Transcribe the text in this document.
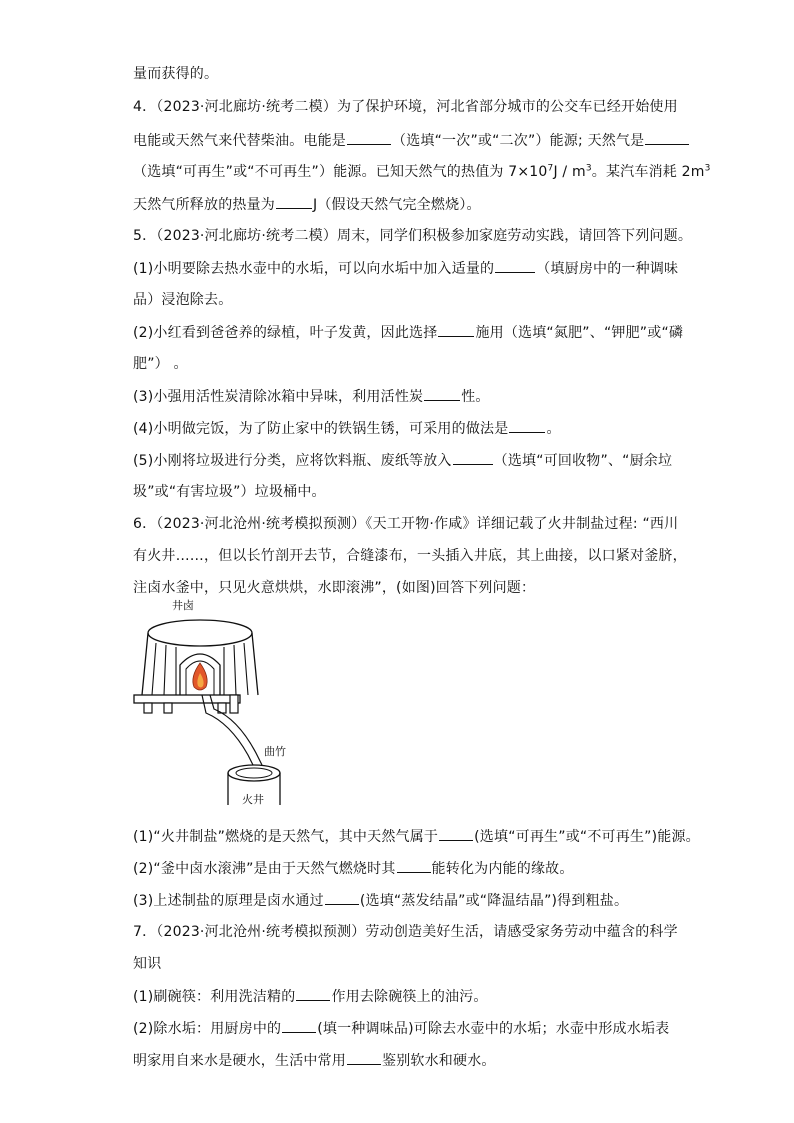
量而获得的。
4．（2023·河北廊坊·统考二模）为了保护环境，河北省部分城市的公交车已经开始使用
电能或天然气来代替柴油。电能是	（选填“一次”或“二次”）能源; 天然气是
（选填“可再生”或“不可再生”）能源。已知天然气的热值为 $7\times 10^7J / m^3$。某汽车消耗 $2m^3$
天然气所释放的热量为	J（假设天然气完全燃烧）。
5．（2023·河北廊坊·统考二模）周末，同学们积极参加家庭劳动实践，请回答下列问题。
(1)小明要除去热水壶中的水垢，可以向水垢中加入适量的	（填厨房中的一种调味
品）浸泡除去。
(2)小红看到爸爸养的绿植，叶子发黄，因此选择	施用（选填“氮肥”、“钾肥”或“磷
肥”） 。
(3)小强用活性炭清除冰箱中异味，利用活性炭	性。
(4)小明做完饭，为了防止家中的铁锅生锈，可采用的做法是	。
(5)小刚将垃圾进行分类，应将饮料瓶、废纸等放入	（选填“可回收物”、“厨余垃
圾”或“有害垃圾”）垃圾桶中。
6．（2023·河北沧州·统考模拟预测）《天工开物·作咸》详细记载了火井制盐过程: “西川
有火井……，但以长竹剖开去节，合缝漆布，一头插入井底，其上曲接，以口紧对釜脐，
注卤水釜中，只见火意烘烘，水即滚沸”，(如图)回答下列问题：
井卤
曲竹
火井
(1)“火井制盐”燃烧的是天然气，其中天然气属于	(选填“可再生”或“不可再生”)能源。
(2)“釜中卤水滚沸”是由于天然气燃烧时其	能转化为内能的缘故。
(3)上述制盐的原理是卤水通过	(选填“蒸发结晶”或“降温结晶”)得到粗盐。
7．（2023·河北沧州·统考模拟预测）劳动创造美好生活，请感受家务劳动中蕴含的科学
知识
(1)刷碗筷：利用洗洁精的	作用去除碗筷上的油污。
(2)除水垢：用厨房中的	(填一种调味品)可除去水壶中的水垢；水壶中形成水垢表
明家用自来水是硬水，生活中常用	鉴别软水和硬水。
